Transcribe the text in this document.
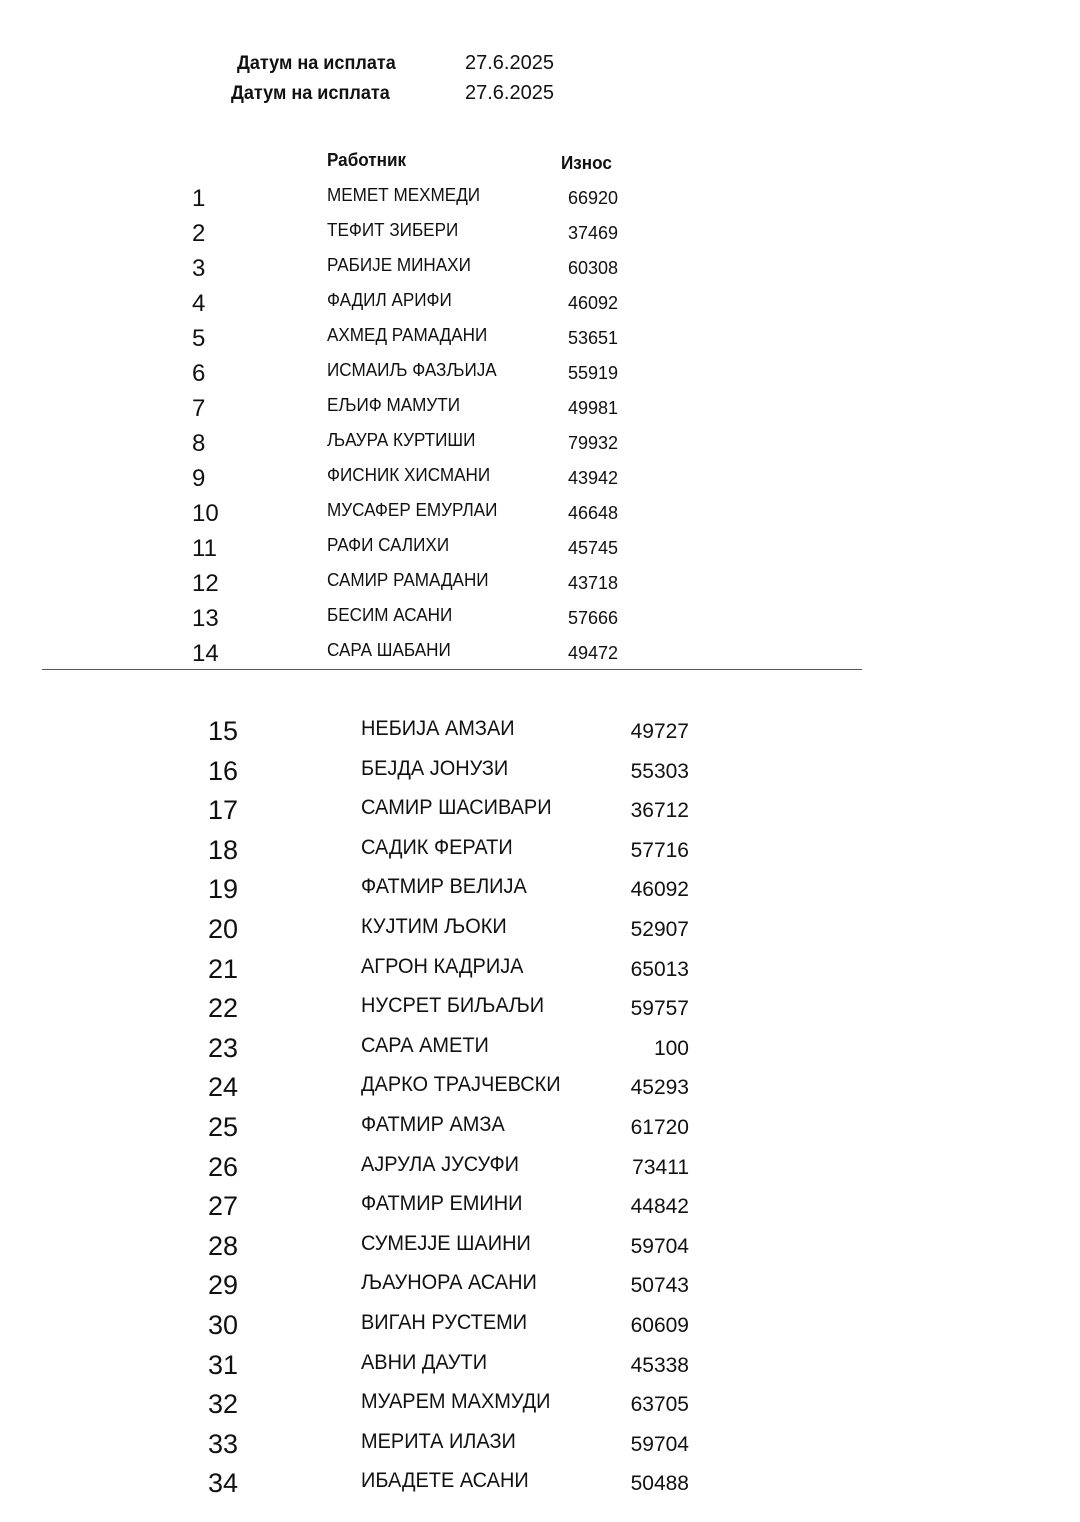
Датум на исплата	27.6.2025
Датум на исплата	27.6.2025
Работник	Износ
1	МЕМЕТ МЕХМЕДИ	66920
2	ТЕФИТ ЗИБЕРИ	37469
3	РАБИЈЕ МИНАХИ	60308
4	ФАДИЛ АРИФИ	46092
5	АХМЕД РАМАДАНИ	53651
6	ИСМАИЉ ФАЗЉИЈА	55919
7	ЕЉИФ МАМУТИ	49981
8	ЉАУРА КУРТИШИ	79932
9	ФИСНИК ХИСМАНИ	43942
10	МУСАФЕР ЕМУРЛАИ	46648
11	РАФИ САЛИХИ	45745
12	САМИР РАМАДАНИ	43718
13	БЕСИМ АСАНИ	57666
14	САРА ШАБАНИ	49472
15	НЕБИЈА АМЗАИ	49727
16	БЕЈДА ЈОНУЗИ	55303
17	САМИР ШАСИВАРИ	36712
18	САДИК ФЕРАТИ	57716
19	ФАТМИР ВЕЛИЈА	46092
20	КУЈТИМ ЉОКИ	52907
21	АГРОН КАДРИЈА	65013
22	НУСРЕТ БИЉАЉИ	59757
23	САРА АМЕТИ	100
24	ДАРКО ТРАЈЧЕВСКИ	45293
25	ФАТМИР АМЗА	61720
26	АЈРУЛА ЈУСУФИ	73411
27	ФАТМИР ЕМИНИ	44842
28	СУМЕЈЈЕ ШАИНИ	59704
29	ЉАУНОРА АСАНИ	50743
30	ВИГАН РУСТЕМИ	60609
31	АВНИ ДАУТИ	45338
32	МУАРЕМ МАХМУДИ	63705
33	МЕРИТА ИЛАЗИ	59704
34	ИБАДЕТЕ АСАНИ	50488
